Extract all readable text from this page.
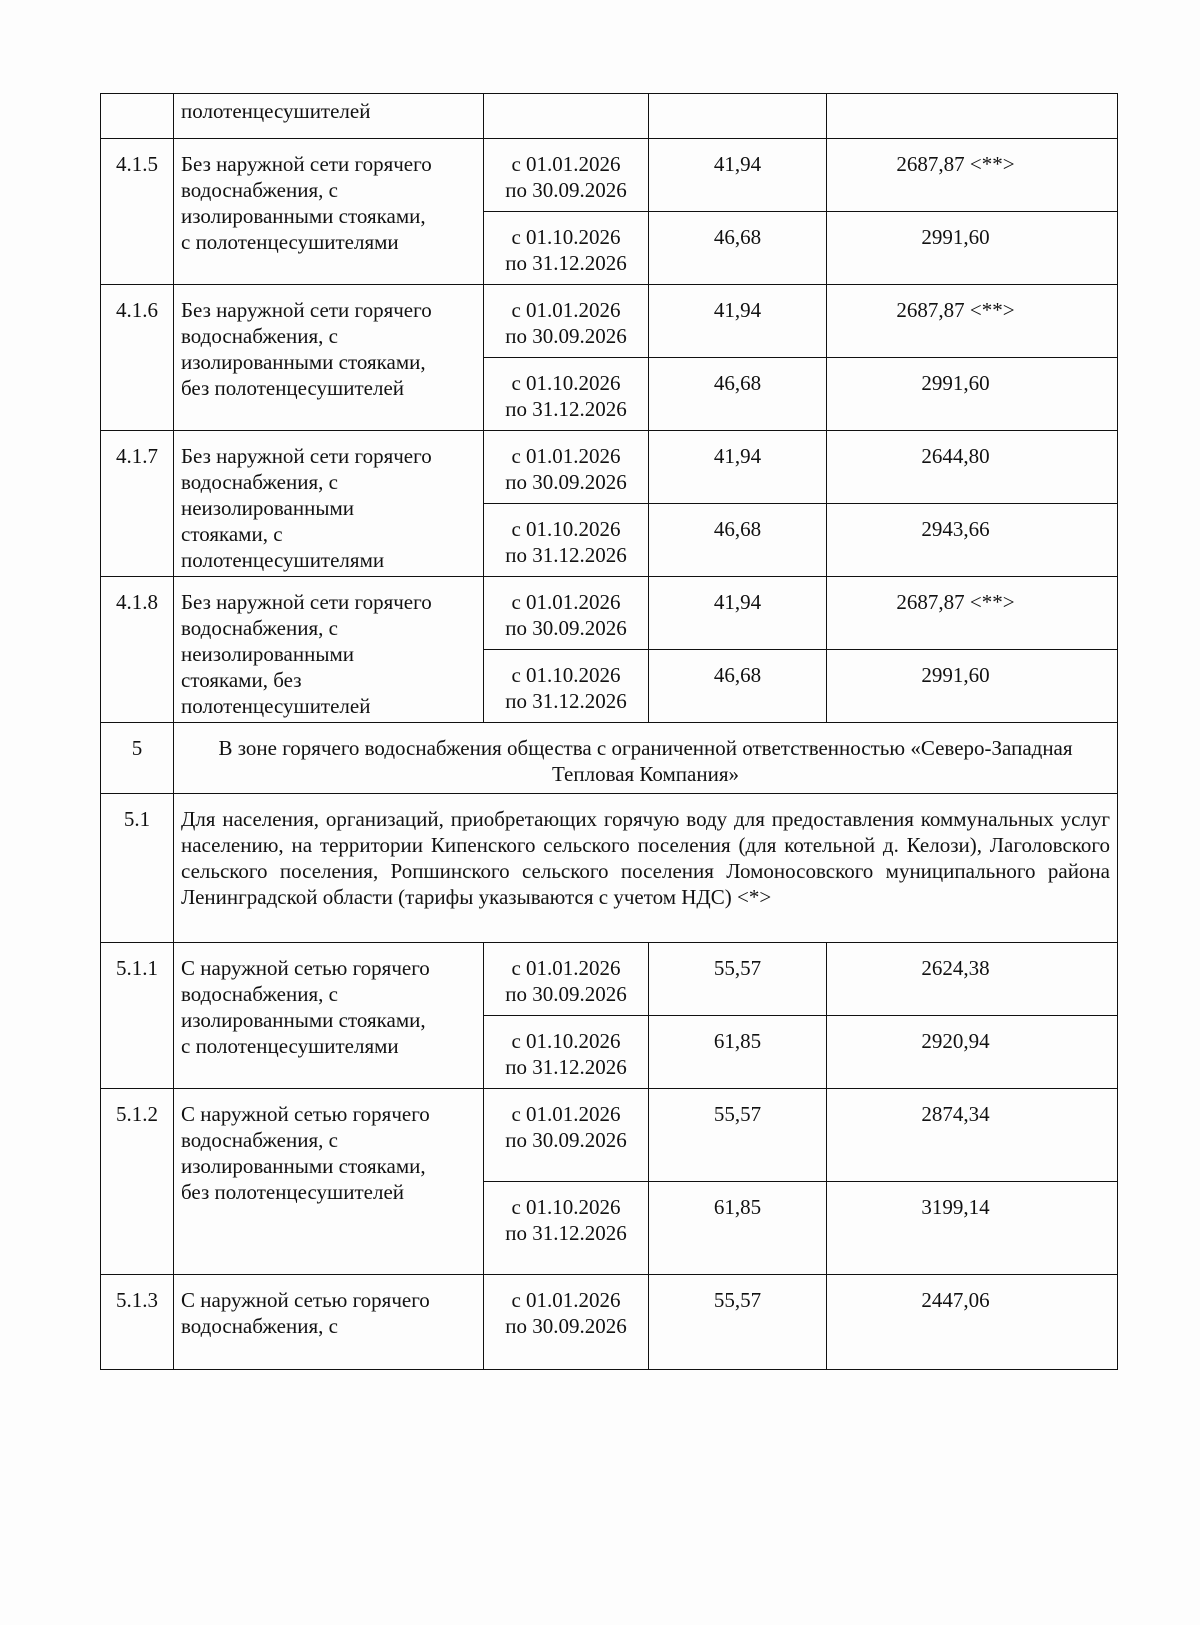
	полотенцесушителей			
4.1.5	Без наружной сети горячего
водоснабжения, с
изолированными стояками,
с полотенцесушителями	с 01.01.2026
по 30.09.2026	41,94	2687,87 <**>

		с 01.10.2026
по 31.12.2026	46,68	2991,60
4.1.6	Без наружной сети горячего
водоснабжения, с
изолированными стояками,
без полотенцесушителей	с 01.01.2026
по 30.09.2026	41,94	2687,87 <**>

		с 01.10.2026
по 31.12.2026	46,68	2991,60
4.1.7	Без наружной сети горячего
водоснабжения, с
неизолированными
стояками, с
полотенцесушителями	с 01.01.2026
по 30.09.2026	41,94	2644,80

		с 01.10.2026
по 31.12.2026	46,68	2943,66
4.1.8	Без наружной сети горячего
водоснабжения, с
неизолированными
стояками, без
полотенцесушителей	с 01.01.2026
по 30.09.2026	41,94	2687,87 <**>

		с 01.10.2026
по 31.12.2026	46,68	2991,60
5	В зоне горячего водоснабжения общества с ограниченной ответственностью «Северо-Западная Тепловая Компания»			
5.1	Для населения, организаций, приобретающих горячую воду для предоставления коммунальных услуг населению, на территории Кипенского сельского поселения (для котельной д. Келози), Лаголовского сельского поселения, Ропшинского сельского поселения Ломоносовского муниципального района Ленинградской области (тарифы указываются с учетом НДС) <*>			
5.1.1	С наружной сетью горячего
водоснабжения, с
изолированными стояками,
с полотенцесушителями	с 01.01.2026
по 30.09.2026	55,57	2624,38

		с 01.10.2026
по 31.12.2026	61,85	2920,94
5.1.2	С наружной сетью горячего
водоснабжения, с
изолированными стояками,
без полотенцесушителей	с 01.01.2026
по 30.09.2026	55,57	2874,34

		с 01.10.2026
по 31.12.2026	61,85	3199,14
5.1.3	С наружной сетью горячего
водоснабжения, с	с 01.01.2026
по 30.09.2026	55,57	2447,06
